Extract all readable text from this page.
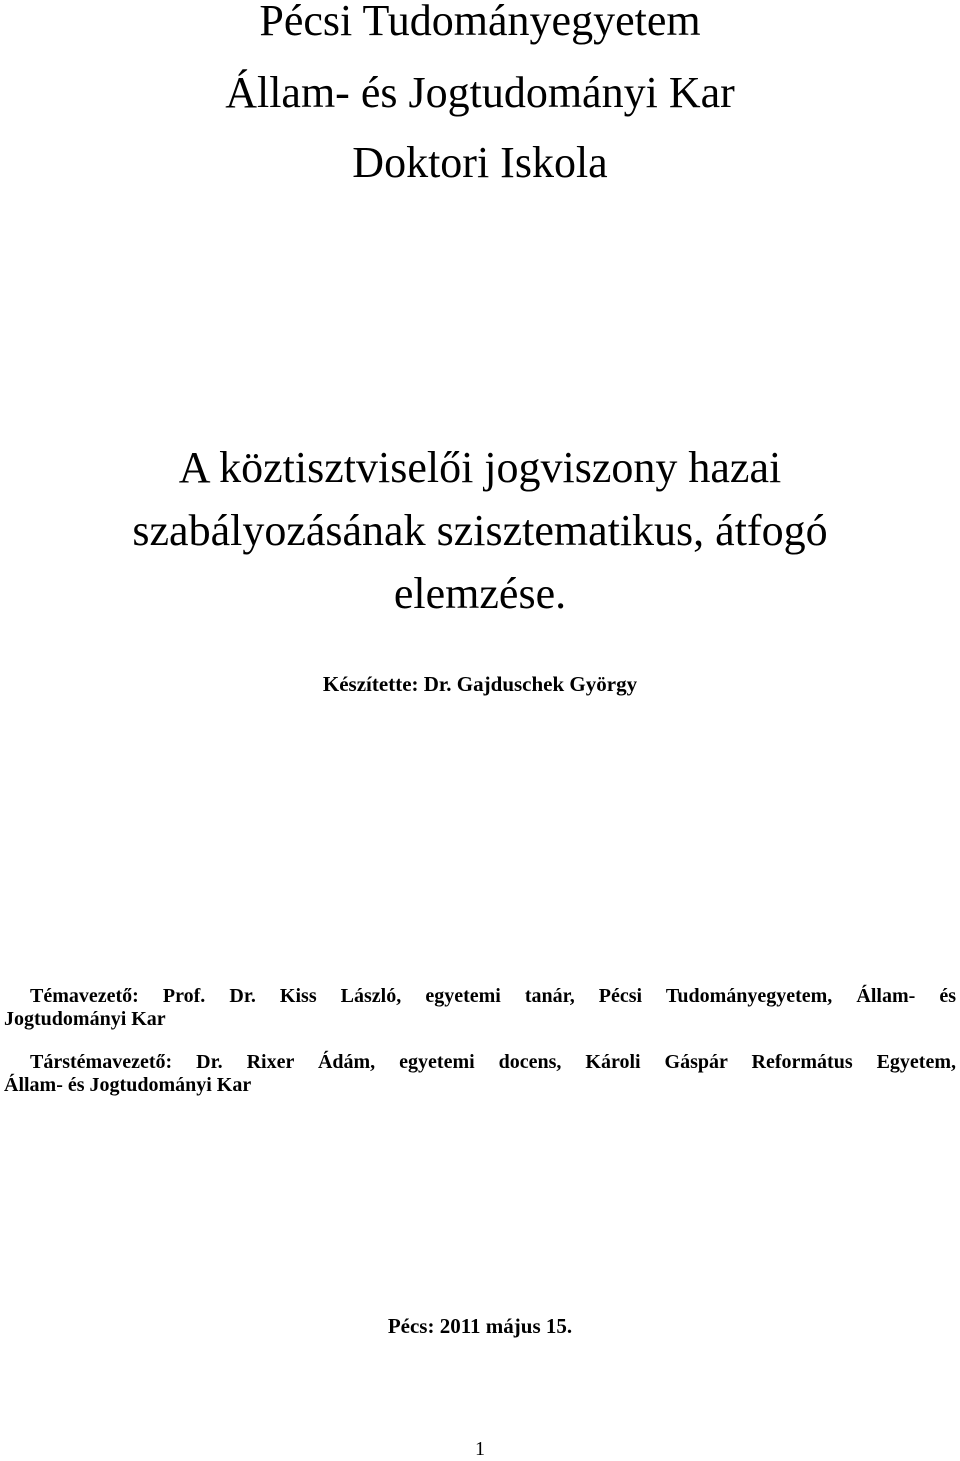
Pécsi Tudományegyetem
Állam- és Jogtudományi Kar
Doktori Iskola
A köztisztviselői jogviszony hazai
szabályozásának szisztematikus, átfogó
elemzése.
Készítette: Dr. Gajduschek György
Témavezető: Prof. Dr. Kiss László, egyetemi tanár, Pécsi Tudományegyetem, Állam- és
Jogtudományi Kar
Társtémavezető: Dr. Rixer Ádám, egyetemi docens, Károli Gáspár Református Egyetem,
Állam- és Jogtudományi Kar
Pécs: 2011 május 15.
1
